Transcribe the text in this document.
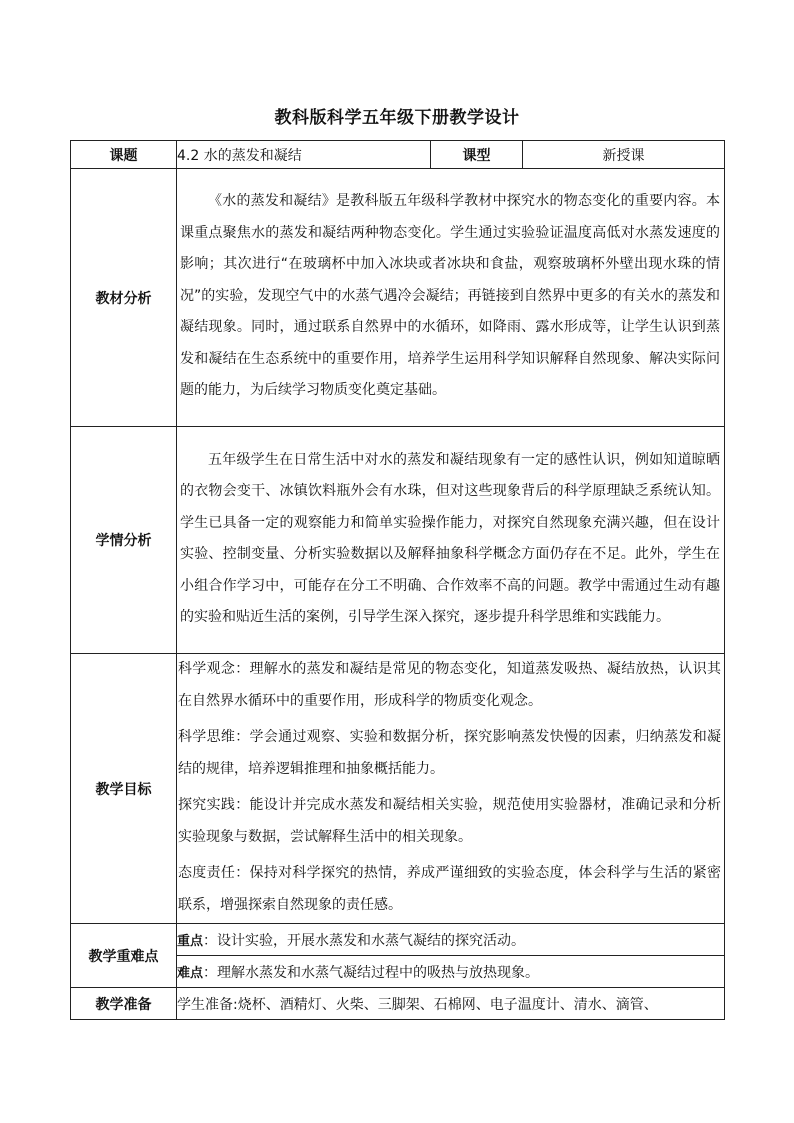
教科版科学五年级下册教学设计
课题	4.2 水的蒸发和凝结	课型	新授课
教材分析	《水的蒸发和凝结》是教科版五年级科学教材中探究水的物态变化的重要内容。本课重点聚焦水的蒸发和凝结两种物态变化。学生通过实验验证温度高低对水蒸发速度的影响；其次进行“在玻璃杯中加入冰块或者冰块和食盐，观察玻璃杯外壁出现水珠的情况”的实验，发现空气中的水蒸气遇冷会凝结；再链接到自然界中更多的有关水的蒸发和凝结现象。同时，通过联系自然界中的水循环，如降雨、露水形成等，让学生认识到蒸发和凝结在生态系统中的重要作用，培养学生运用科学知识解释自然现象、解决实际问题的能力，为后续学习物质变化奠定基础。		

学情分析	五年级学生在日常生活中对水的蒸发和凝结现象有一定的感性认识，例如知道晾晒的衣物会变干、冰镇饮料瓶外会有水珠，但对这些现象背后的科学原理缺乏系统认知。学生已具备一定的观察能力和简单实验操作能力，对探究自然现象充满兴趣，但在设计实验、控制变量、分析实验数据以及解释抽象科学概念方面仍存在不足。此外，学生在小组合作学习中，可能存在分工不明确、合作效率不高的问题。教学中需通过生动有趣的实验和贴近生活的案例，引导学生深入探究，逐步提升科学思维和实践能力。		

教学目标	科学观念：理解水的蒸发和凝结是常见的物态变化，知道蒸发吸热、凝结放热，认识其在自然界水循环中的重要作用，形成科学的物质变化观念。
科学思维：学会通过观察、实验和数据分析，探究影响蒸发快慢的因素，归纳蒸发和凝结的规律，培养逻辑推理和抽象概括能力。
探究实践：能设计并完成水蒸发和凝结相关实验，规范使用实验器材，准确记录和分析实验现象与数据，尝试解释生活中的相关现象。
态度责任：保持对科学探究的热情，养成严谨细致的实验态度，体会科学与生活的紧密联系，增强探索自然现象的责任感。		

教学重难点	重点：设计实验，开展水蒸发和水蒸气凝结的探究活动。		
	难点：理解水蒸发和水蒸气凝结过程中的吸热与放热现象。		
教学准备	学生准备:烧杯、酒精灯、火柴、三脚架、石棉网、电子温度计、清水、滴管、		
